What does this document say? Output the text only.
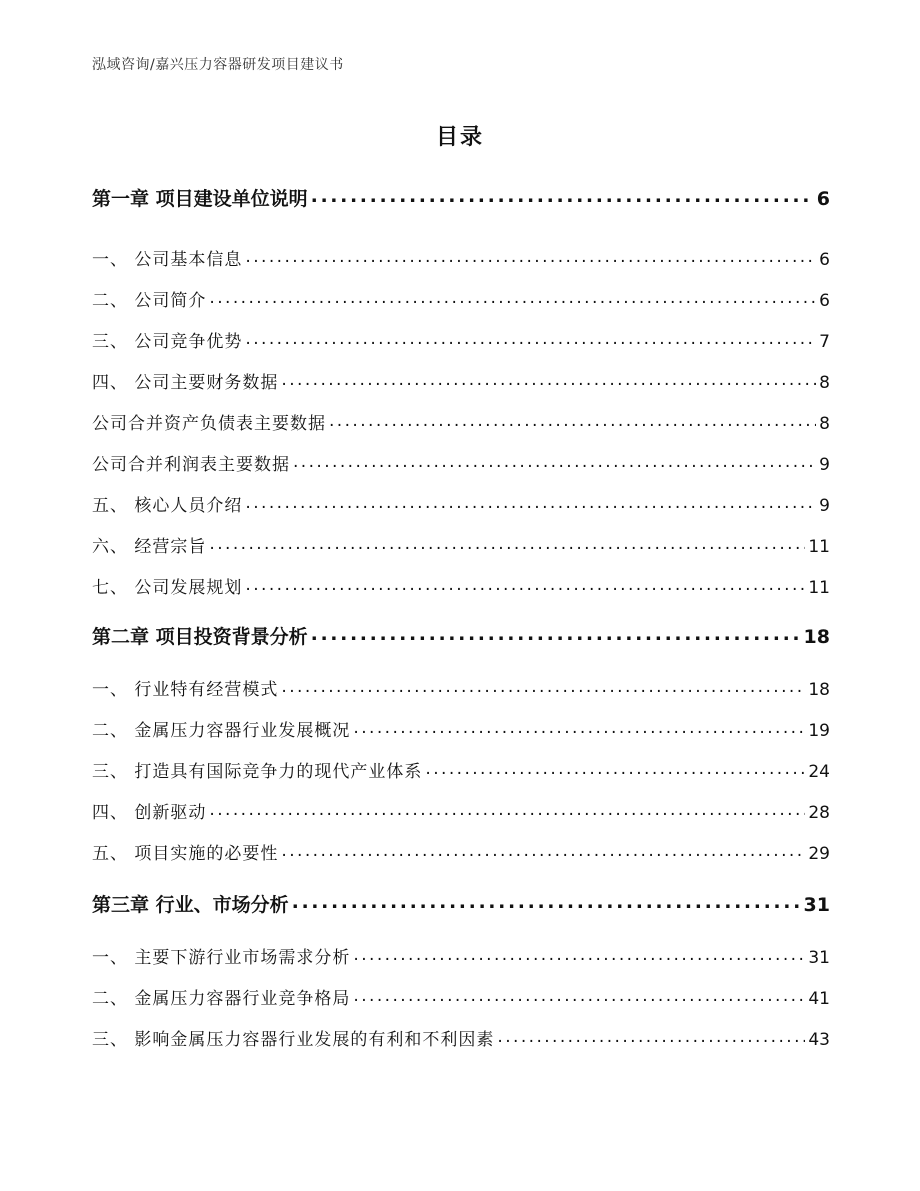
泓域咨询/嘉兴压力容器研发项目建议书
目录
第一章 项目建设单位说明 . . .	6
一、 公司基本信息 . . .	6
二、 公司简介 . . .	6
三、 公司竞争优势 . . .	7
四、 公司主要财务数据 . . .	8
公司合并资产负债表主要数据 . . .	8
公司合并利润表主要数据 . . .	9
五、 核心人员介绍 . . .	9
六、 经营宗旨 . . .	11
七、 公司发展规划 . . .	11
第二章 项目投资背景分析 . . .	18
一、 行业特有经营模式 . . .	18
二、 金属压力容器行业发展概况 . . .	19
三、 打造具有国际竞争力的现代产业体系 . . .	24
四、 创新驱动 . . .	28
五、 项目实施的必要性 . . .	29
第三章 行业、市场分析 . . .	31
一、 主要下游行业市场需求分析 . . .	31
二、 金属压力容器行业竞争格局 . . .	41
三、 影响金属压力容器行业发展的有利和不利因素 . . .	43
